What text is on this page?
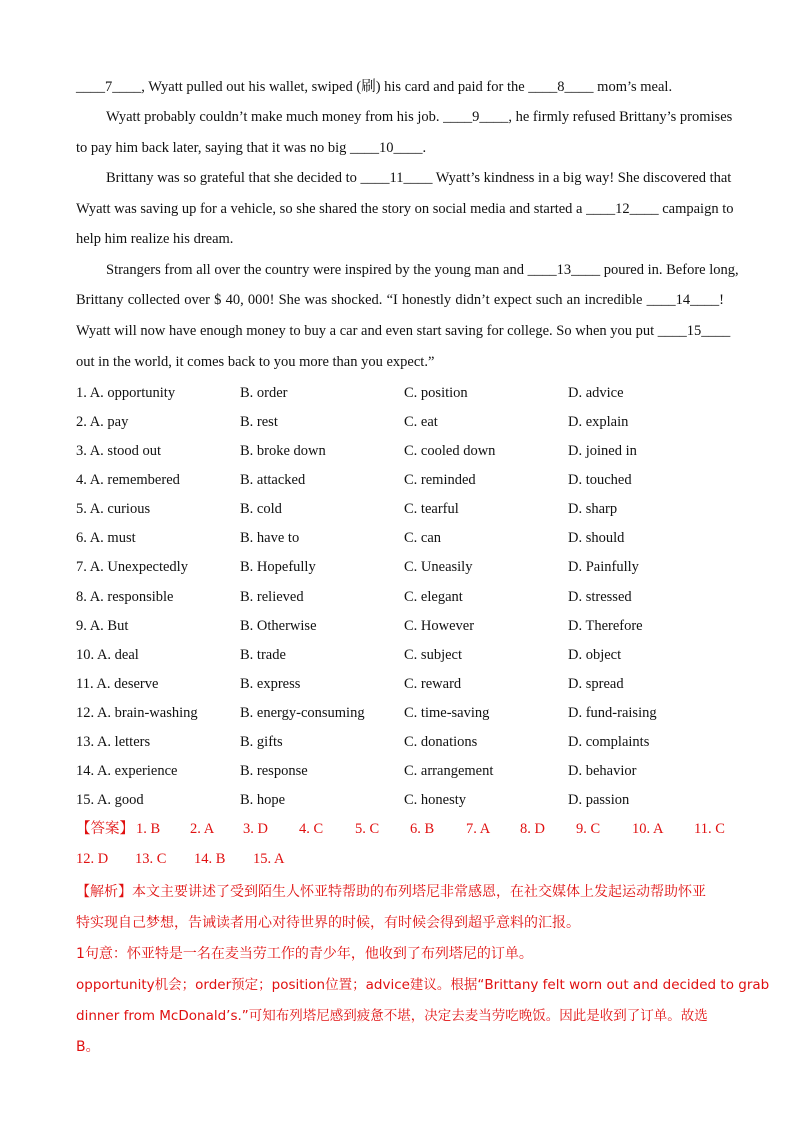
____7____, Wyatt pulled out his wallet, swiped (刷) his card and paid for the ____8____ mom’s meal.
Wyatt probably couldn’t make much money from his job. ____9____, he firmly refused Brittany’s promises
to pay him back later, saying that it was no big ____10____.
Brittany was so grateful that she decided to ____11____ Wyatt’s kindness in a big way! She discovered that
Wyatt was saving up for a vehicle, so she shared the story on social media and started a ____12____ campaign to
help him realize his dream.
Strangers from all over the country were inspired by the young man and ____13____ poured in. Before long,
Brittany collected over $ 40, 000! She was shocked. “I honestly didn’t expect such an incredible ____14____!
Wyatt will now have enough money to buy a car and even start saving for college. So when you put ____15____
out in the world, it comes back to you more than you expect.”
1. A. opportunity	B. order	C. position	D. advice
2. A. pay	B. rest	C. eat	D. explain
3. A. stood out	B. broke down	C. cooled down	D. joined in
4. A. remembered	B. attacked	C. reminded	D. touched
5. A. curious	B. cold	C. tearful	D. sharp
6. A. must	B. have to	C. can	D. should
7. A. Unexpectedly	B. Hopefully	C. Uneasily	D. Painfully
8. A. responsible	B. relieved	C. elegant	D. stressed
9. A. But	B. Otherwise	C. However	D. Therefore
10. A. deal	B. trade	C. subject	D. object
11. A. deserve	B. express	C. reward	D. spread
12. A. brain-washing	B. energy-consuming	C. time-saving	D. fund-raising
13. A. letters	B. gifts	C. donations	D. complaints
14. A. experience	B. response	C. arrangement	D. behavior
15. A. good	B. hope	C. honesty	D. passion
【答案】 1. B 2. A 3. D 4. C 5. C 6. B 7. A 8. D 9. C 10. A 11. C
12. D 13. C 14. B 15. A
【解析】本文主要讲述了受到陌生人怀亚特帮助的布列塔尼非常感恩，在社交媒体上发起运动帮助怀亚
特实现自己梦想，告诫读者用心对待世界的时候，有时候会得到超乎意料的汇报。
1句意：怀亚特是一名在麦当劳工作的青少年，他收到了布列塔尼的订单。
opportunity机会；order预定；position位置；advice建议。根据“Brittany felt worn out and decided to grab
dinner from McDonald’s.”可知布列塔尼感到疲惫不堪，决定去麦当劳吃晚饭。因此是收到了订单。故选
B。
